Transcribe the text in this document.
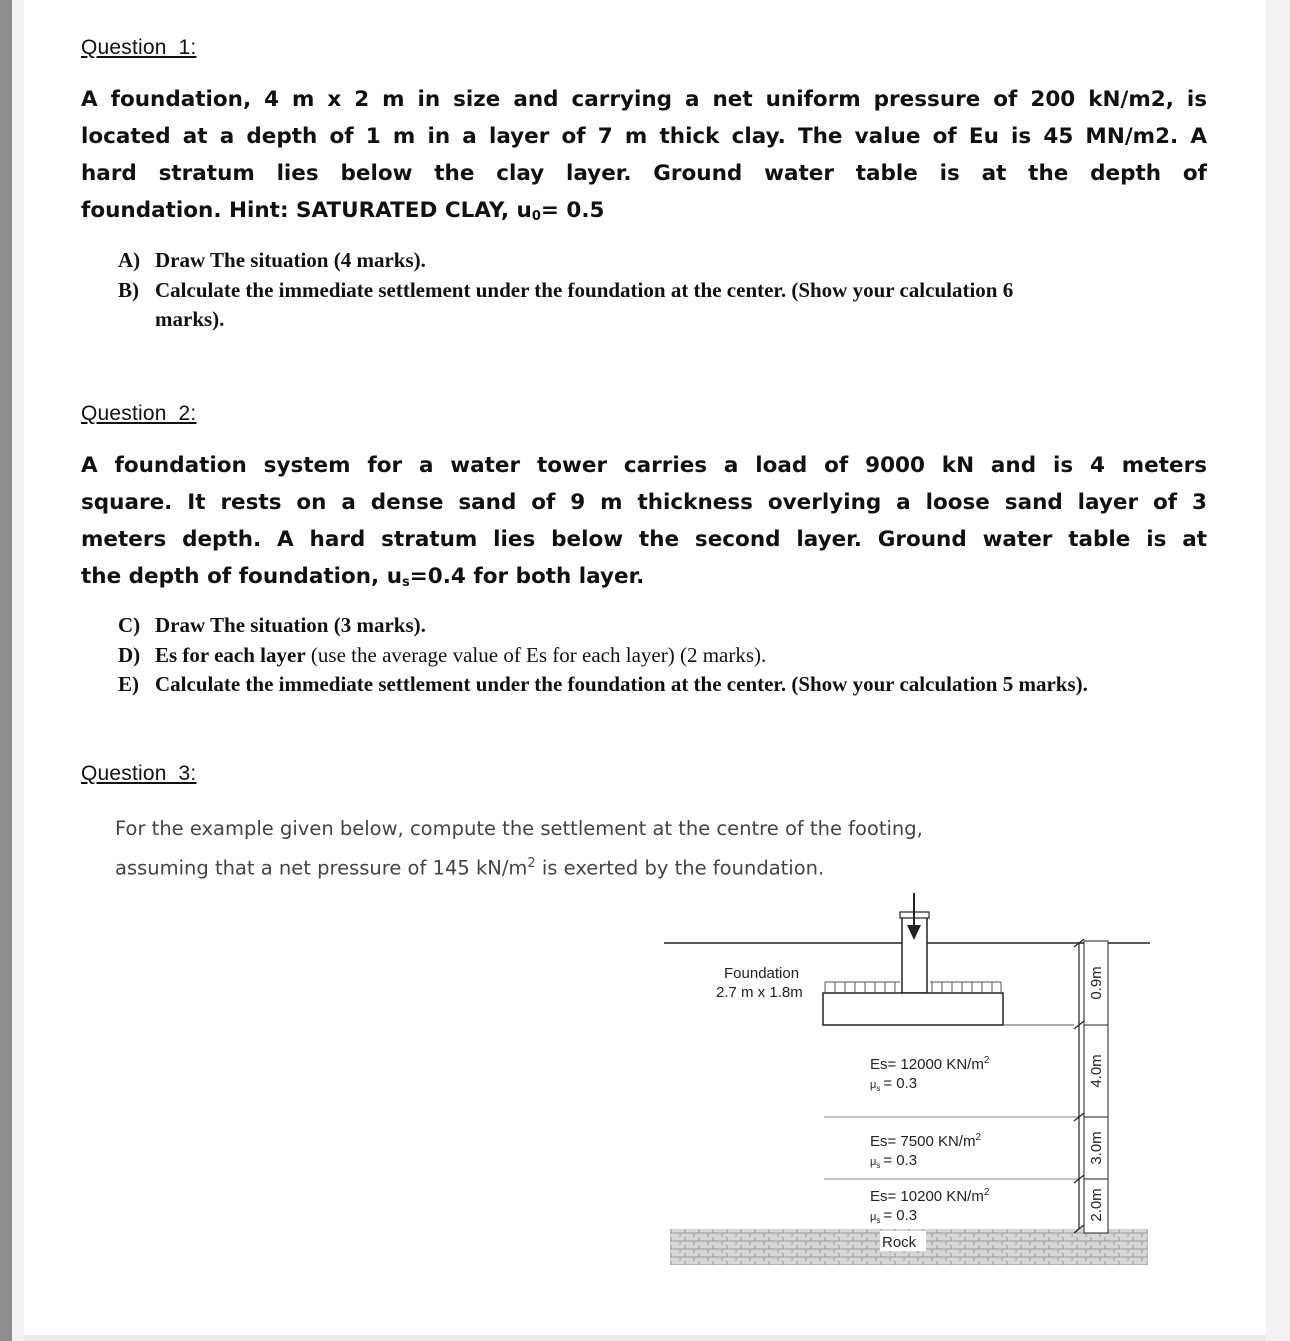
Question_1:
A foundation, 4 m x 2 m in size and carrying a net uniform pressure of 200 kN/m2, is
located at a depth of 1 m in a layer of 7 m thick clay. The value of Eu is 45 MN/m2. A
hard stratum lies below the clay layer. Ground water table is at the depth of
foundation. Hint: SATURATED CLAY, $u_0= 0.5$
A) Draw The situation (4 marks).
B) Calculate the immediate settlement under the foundation at the center. (Show your calculation 6
marks).
Question_2:
A foundation system for a water tower carries a load of 9000 kN and is 4 meters
square. It rests on a dense sand of 9 m thickness overlying a loose sand layer of 3
meters depth. A hard stratum lies below the second layer. Ground water table is at
the depth of foundation, $u_s=0.4$ for both layer.
C) Draw The situation (3 marks).
D) Es for each layer (use the average value of Es for each layer) (2 marks).
E) Calculate the immediate settlement under the foundation at the center. (Show your calculation 5 marks).
Question_3:
For the example given below, compute the settlement at the centre of the footing,
assuming that a net pressure of 145 $kN/m^2$ is exerted by the foundation.
Foundation
2.7 m x 1.8m
Es= 12000 $KN/m^2$
$\mu_s = 0.3$
Es= 7500 $KN/m^2$
$\mu_s = 0.3$
Es= 10200 $KN/m^2$
$\mu_s = 0.3$
Rock
0.9m
4.0m
3.0m
2.0m
